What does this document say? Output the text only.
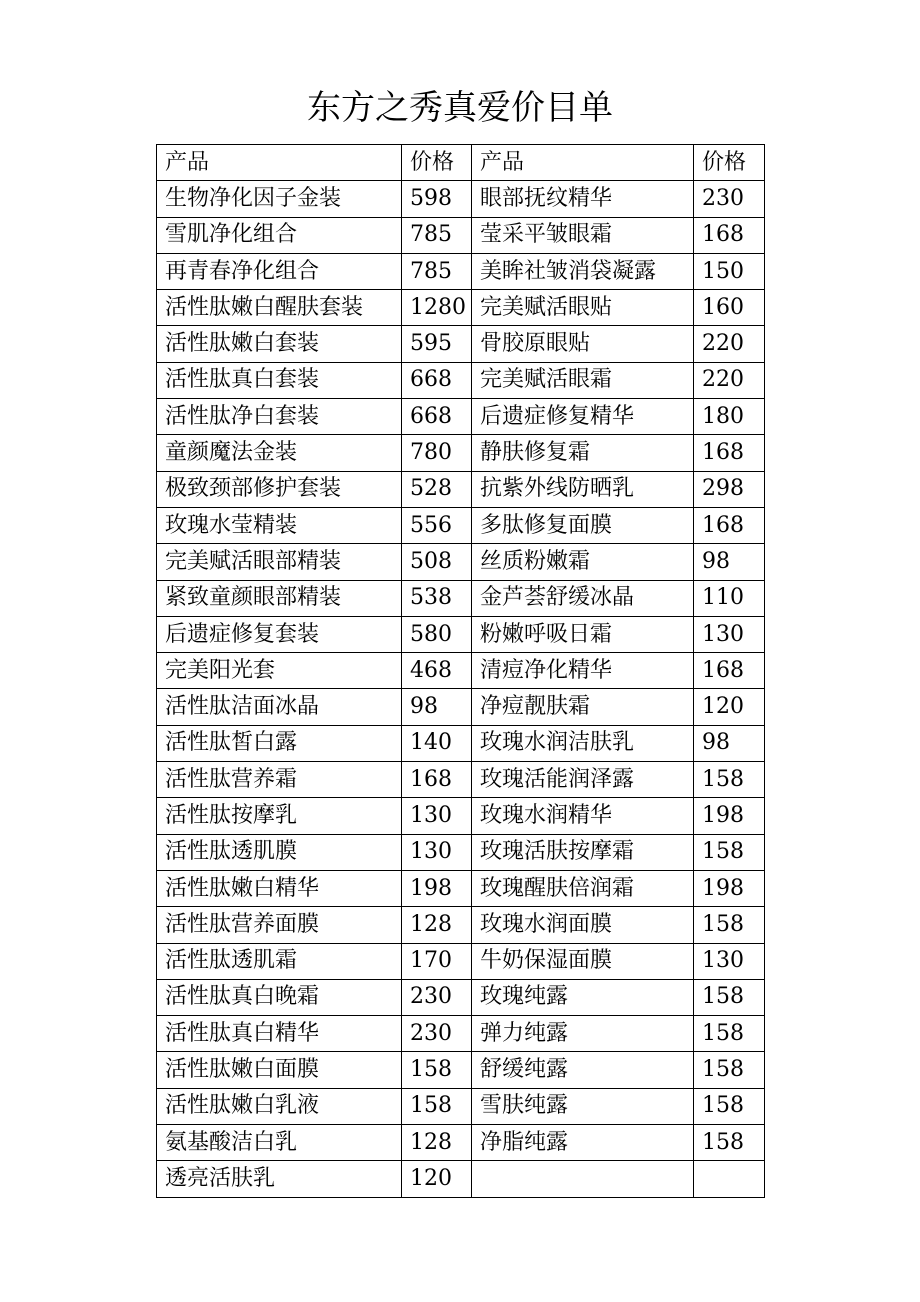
东方之秀真爱价目单
产品	价格	产品	价格
生物净化因子金装	598	眼部抚纹精华	230
雪肌净化组合	785	莹采平皱眼霜	168
再青春净化组合	785	美眸社皱消袋凝露	150
活性肽嫩白醒肤套装	1280	完美赋活眼贴	160
活性肽嫩白套装	595	骨胶原眼贴	220
活性肽真白套装	668	完美赋活眼霜	220
活性肽净白套装	668	后遗症修复精华	180
童颜魔法金装	780	静肤修复霜	168
极致颈部修护套装	528	抗紫外线防晒乳	298
玫瑰水莹精装	556	多肽修复面膜	168
完美赋活眼部精装	508	丝质粉嫩霜	98
紧致童颜眼部精装	538	金芦荟舒缓冰晶	110
后遗症修复套装	580	粉嫩呼吸日霜	130
完美阳光套	468	清痘净化精华	168
活性肽洁面冰晶	98	净痘靓肤霜	120
活性肽皙白露	140	玫瑰水润洁肤乳	98
活性肽营养霜	168	玫瑰活能润泽露	158
活性肽按摩乳	130	玫瑰水润精华	198
活性肽透肌膜	130	玫瑰活肤按摩霜	158
活性肽嫩白精华	198	玫瑰醒肤倍润霜	198
活性肽营养面膜	128	玫瑰水润面膜	158
活性肽透肌霜	170	牛奶保湿面膜	130
活性肽真白晚霜	230	玫瑰纯露	158
活性肽真白精华	230	弹力纯露	158
活性肽嫩白面膜	158	舒缓纯露	158
活性肽嫩白乳液	158	雪肤纯露	158
氨基酸洁白乳	128	净脂纯露	158
透亮活肤乳	120		
